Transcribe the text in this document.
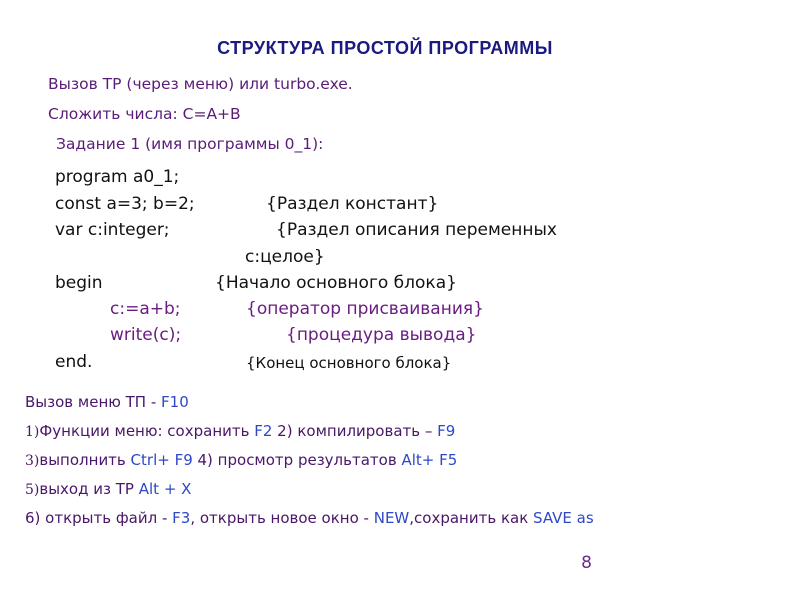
СТРУКТУРА ПРОСТОЙ ПРОГРАММЫ
Вызов ТР (через меню) или turbo.exe.
Сложить числа: C=A+B
Задание 1 (имя программы 0_1):
program a0_1;
const a=3; b=2;	{Раздел констант}
var c:integer;	{Раздел описания переменных
c:целое}
begin	{Начало основного блока}
c:=a+b;	{оператор присваивания}
write(c);	{процедура вывода}
end.	{Конец основного блока}
Вызов меню ТП - F10
1)Функции меню: сохранить F2 2) компилировать – F9
3)выполнить Ctrl+ F9 4) просмотр результатов Alt+ F5
5)выход из ТР Alt + X
6) открыть файл - F3, открыть новое окно - NEW,сохранить как SAVE as
8
